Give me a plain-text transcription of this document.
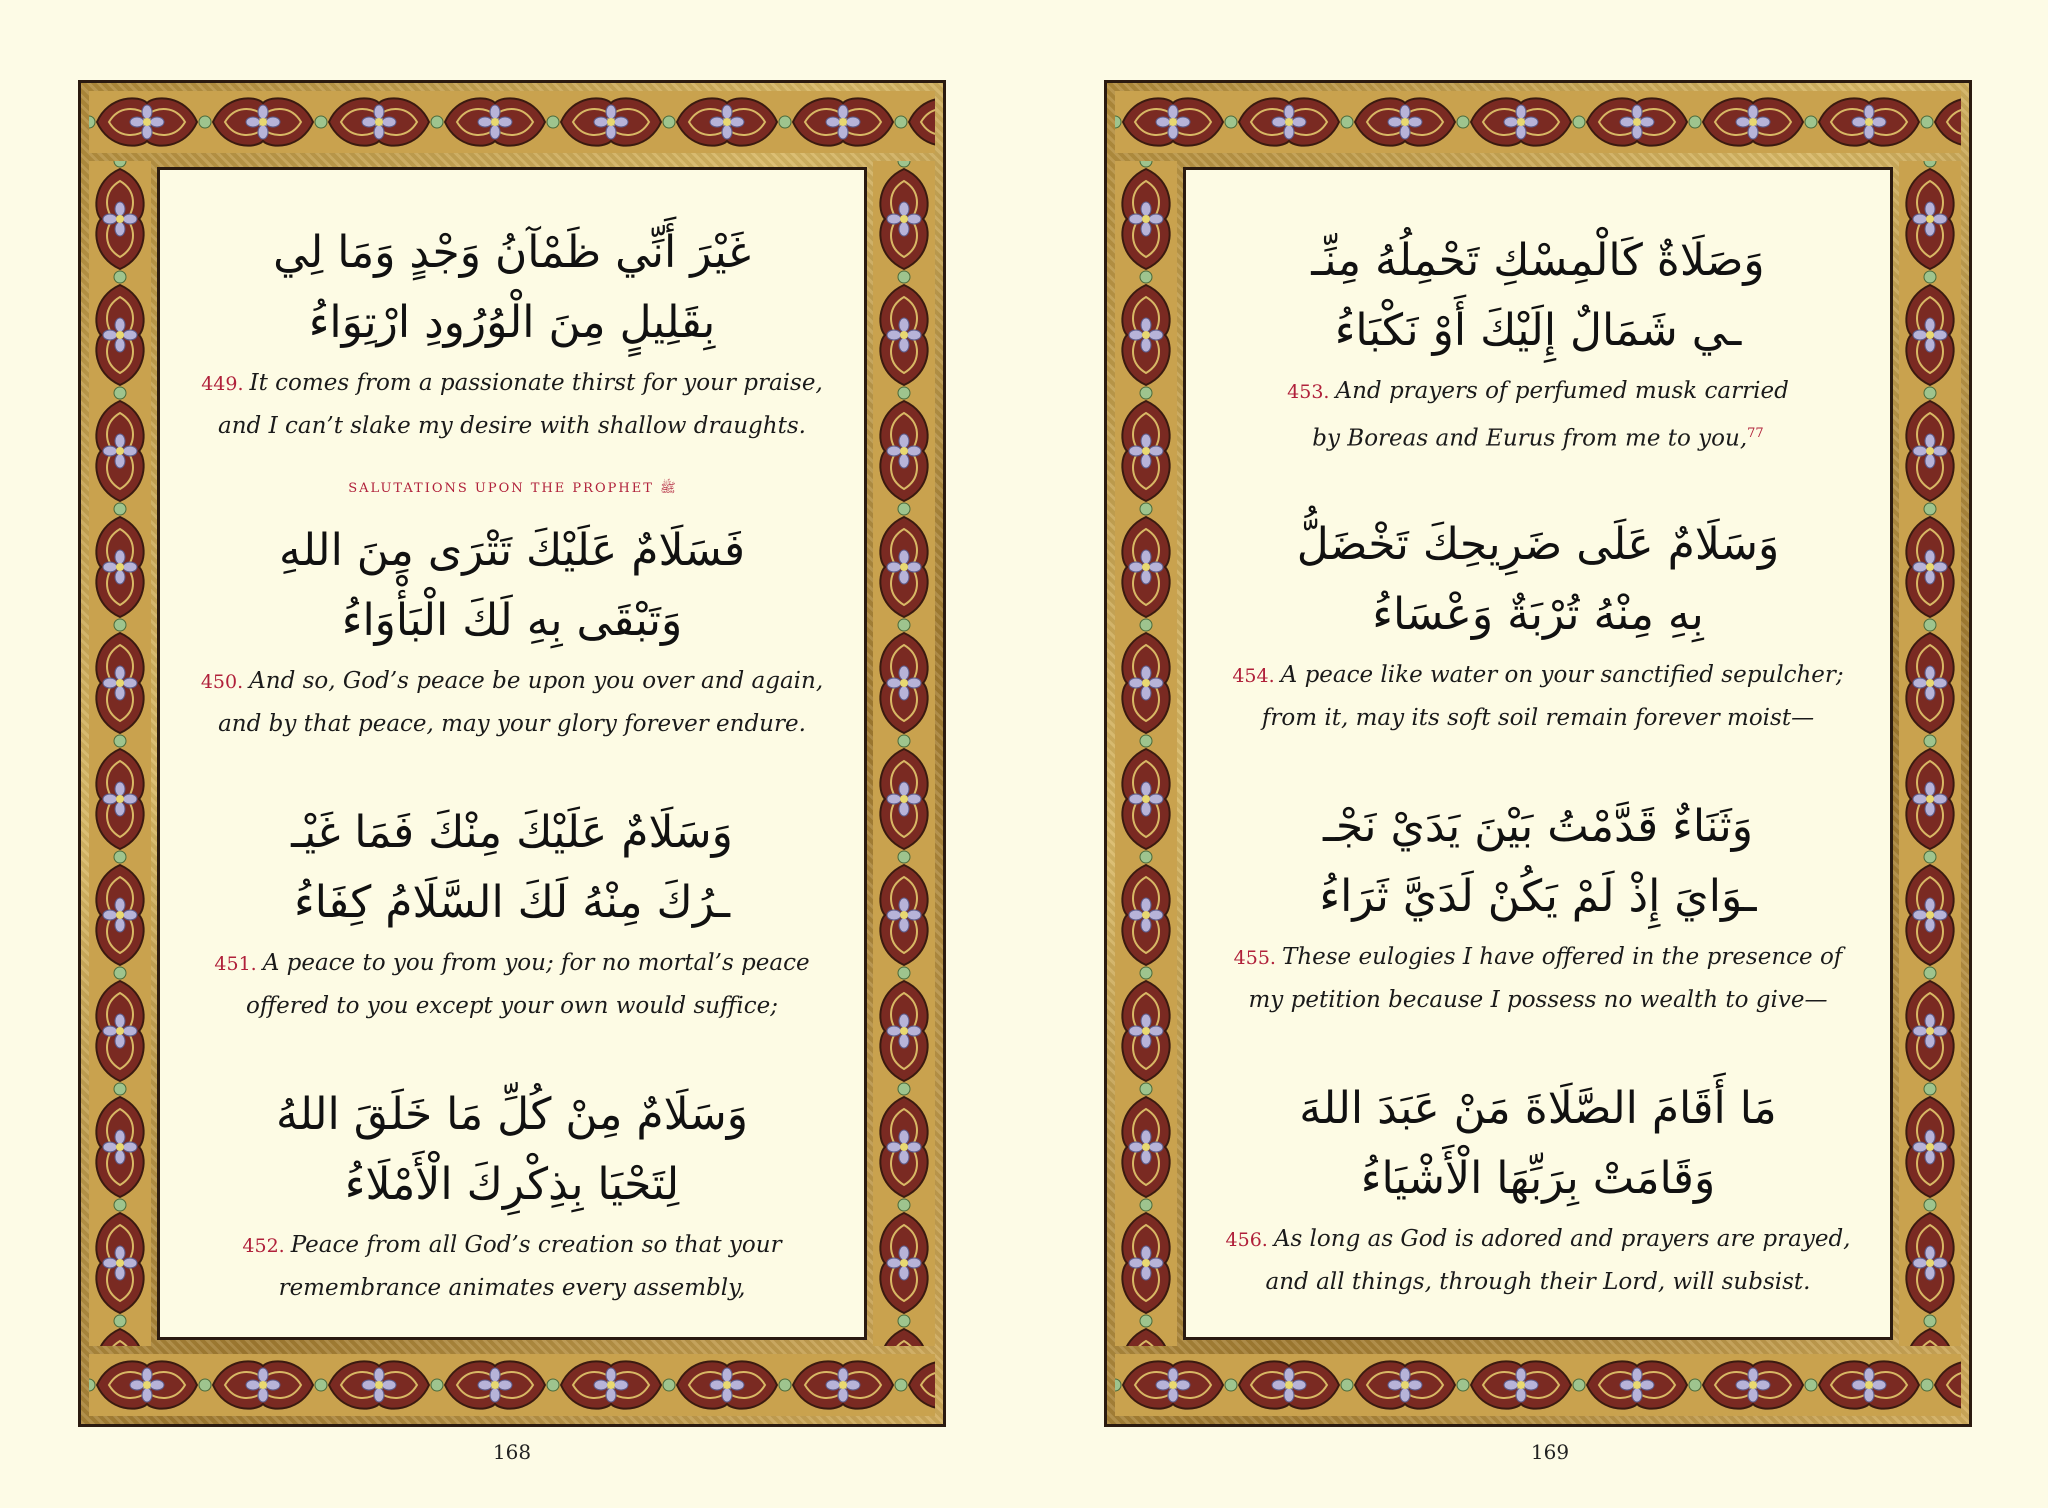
غَيْرَ أَنِّي ظَمْآنُ وَجْدٍ وَمَا لِي
بِقَلِيلٍ مِنَ الْوُرُودِ ارْتِوَاءُ
449. It comes from a passionate thirst for your praise,
and I can’t slake my desire with shallow draughts.
SALUTATIONS UPON THE PROPHET ﷺ
فَسَلَامٌ عَلَيْكَ تَتْرَى مِنَ اللهِ
وَتَبْقَى بِهِ لَكَ الْبَأْوَاءُ
450. And so, God’s peace be upon you over and again,
and by that peace, may your glory forever endure.
وَسَلَامٌ عَلَيْكَ مِنْكَ فَمَا غَيْـ
ـرُكَ مِنْهُ لَكَ السَّلَامُ كِفَاءُ
451. A peace to you from you; for no mortal’s peace
offered to you except your own would suffice;
وَسَلَامٌ مِنْ كُلِّ مَا خَلَقَ اللهُ
لِتَحْيَا بِذِكْرِكَ الْأَمْلَاءُ
452. Peace from all God’s creation so that your
remembrance animates every assembly,
168
وَصَلَاةٌ كَالْمِسْكِ تَحْمِلُهُ مِنِّـ
ـي شَمَالٌ إِلَيْكَ أَوْ نَكْبَاءُ
453. And prayers of perfumed musk carried
by Boreas and Eurus from me to you,$^{77}$
وَسَلَامٌ عَلَى ضَرِيحِكَ تَخْضَلُّ
بِهِ مِنْهُ تُرْبَةٌ وَعْسَاءُ
454. A peace like water on your sanctified sepulcher;
from it, may its soft soil remain forever moist—
وَثَنَاءٌ قَدَّمْتُ بَيْنَ يَدَيْ نَجْـ
ـوَايَ إِذْ لَمْ يَكُنْ لَدَيَّ ثَرَاءُ
455. These eulogies I have offered in the presence of
my petition because I possess no wealth to give—
مَا أَقَامَ الصَّلَاةَ مَنْ عَبَدَ اللهَ
وَقَامَتْ بِرَبِّهَا الْأَشْيَاءُ
456. As long as God is adored and prayers are prayed,
and all things, through their Lord, will subsist.
169
